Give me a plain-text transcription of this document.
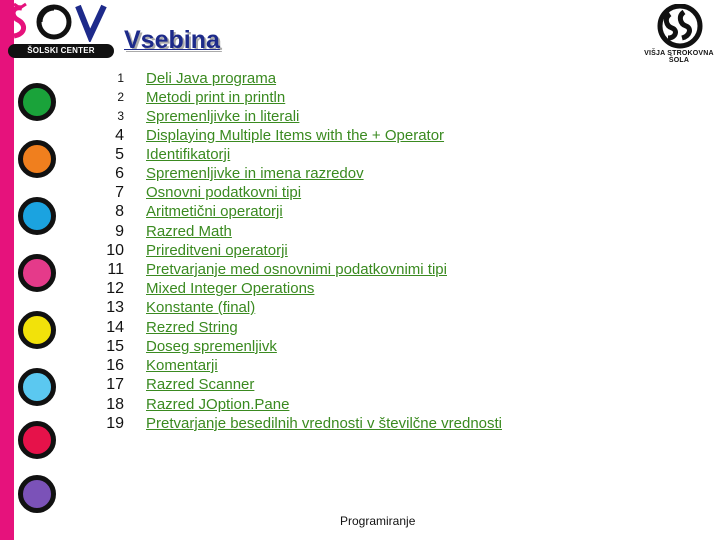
ŠOLSKI CENTER VELENJE
Vsebina	VIŠJA STROKOVNA ŠOLA
1
2
3
4
5
6
7
8
9
10
11
12
13
14
15
16
17
18
19
Deli Java programa
Metodi print in println
Spremenljivke in literali
Displaying Multiple Items with the + Operator
Identifikatorji
Spremenljivke in imena razredov
Osnovni podatkovni tipi
Aritmetični operatorji
Razred Math
Prireditveni operatorji
Pretvarjanje med osnovnimi podatkovnimi tipi
Mixed Integer Operations
Konstante (final)
Rezred String
Doseg spremenljivk
Komentarji
Razred Scanner
Razred JOption.Pane
Pretvarjanje besedilnih vrednosti v številčne vrednosti
Programiranje
